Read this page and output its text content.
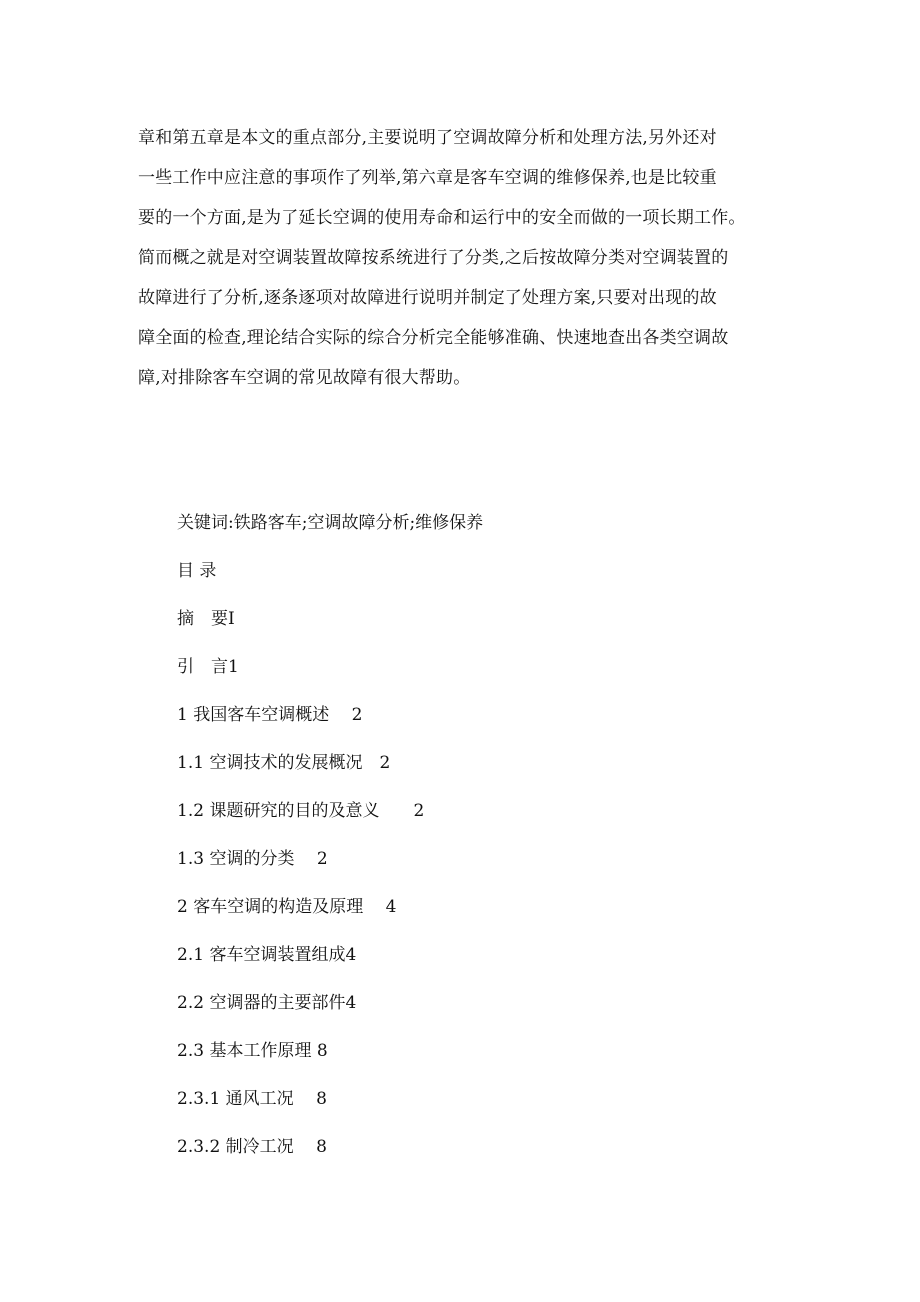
章和第五章是本文的重点部分,主要说明了空调故障分析和处理方法,另外还对
一些工作中应注意的事项作了列举,第六章是客车空调的维修保养,也是比较重
要的一个方面,是为了延长空调的使用寿命和运行中的安全而做的一项长期工作。
简而概之就是对空调装置故障按系统进行了分类,之后按故障分类对空调装置的
故障进行了分析,逐条逐项对故障进行说明并制定了处理方案,只要对出现的故
障全面的检查,理论结合实际的综合分析完全能够准确、快速地查出各类空调故
障,对排除客车空调的常见故障有很大帮助。

关键词:铁路客车;空调故障分析;维修保养

目 录
摘　要I
引　言1
1 我国客车空调概述　 2
1.1 空调技术的发展概况　2
1.2 课题研究的目的及意义　　2
1.3 空调的分类　 2
2 客车空调的构造及原理　 4
2.1 客车空调装置组成4
2.2 空调器的主要部件4
2.3 基本工作原理 8
2.3.1 通风工况　 8
2.3.2 制冷工况　 8
